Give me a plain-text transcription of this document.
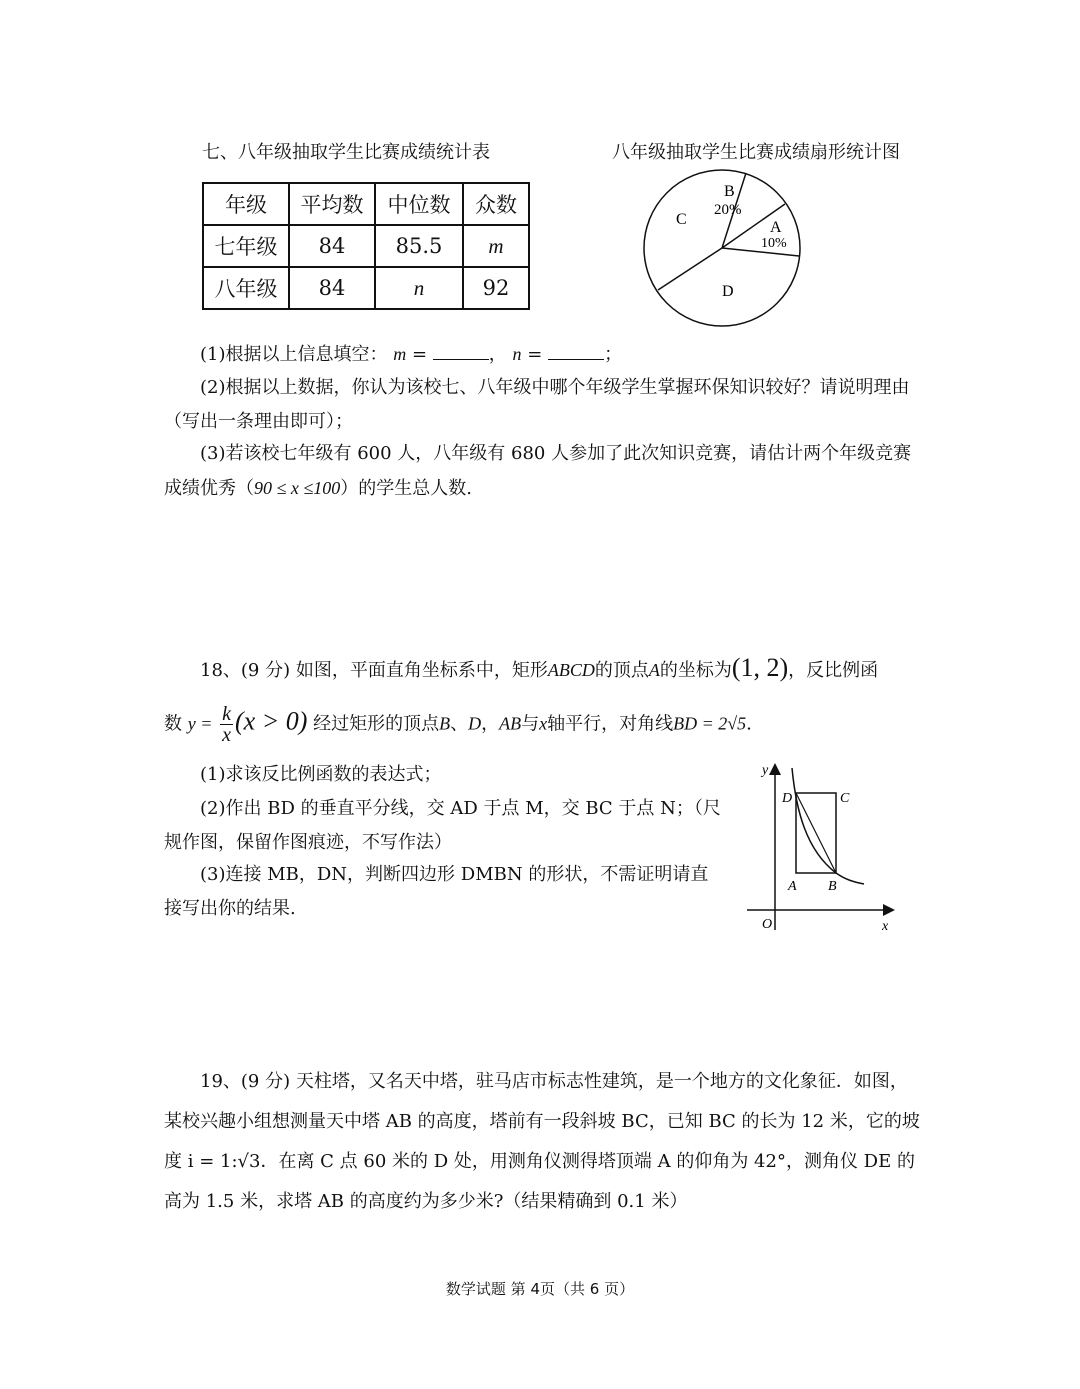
七、八年级抽取学生比赛成绩统计表	八年级抽取学生比赛成绩扇形统计图
年级	平均数	中位数	众数
七年级	84	85.5	m
八年级	84	n	92
B
20%
C	A
10%
D
(1)根据以上信息填空： m =	， n =	；
(2)根据以上数据，你认为该校七、八年级中哪个年级学生掌握环保知识较好？请说明理由（写出一条理由即可）；
(3)若该校七年级有 600 人，八年级有 680 人参加了此次知识竞赛，请估计两个年级竞赛成绩优秀（90 ≤ x ≤100）的学生总人数.
18、(9 分) 如图，平面直角坐标系中，矩形ABCD的顶点A的坐标为(1, 2)，反比例函
数 $y = \frac{k}{x} (x > 0)$ 经过矩形的顶点B、D，AB与x轴平行，对角线BD = 2√5.
(1)求该反比例函数的表达式；
(2)作出 BD 的垂直平分线，交 AD 于点 M，交 BC 于点 N；（尺规作图，保留作图痕迹，不写作法）
(3)连接 MB，DN，判断四边形 DMBN 的形状，不需证明请直接写出你的结果.
y
D	C
A B
O	x
19、(9 分) 天柱塔，又名天中塔，驻马店市标志性建筑，是一个地方的文化象征．如图，某校兴趣小组想测量天中塔 AB 的高度，塔前有一段斜坡 BC，已知 BC 的长为 12 米，它的坡度 i = 1:√3．在离 C 点 60 米的 D 处，用测角仪测得塔顶端 A 的仰角为 42°，测角仪 DE 的高为 1.5 米，求塔 AB 的高度约为多少米?（结果精确到 0.1 米）
数学试题 第 4页（共 6 页）
